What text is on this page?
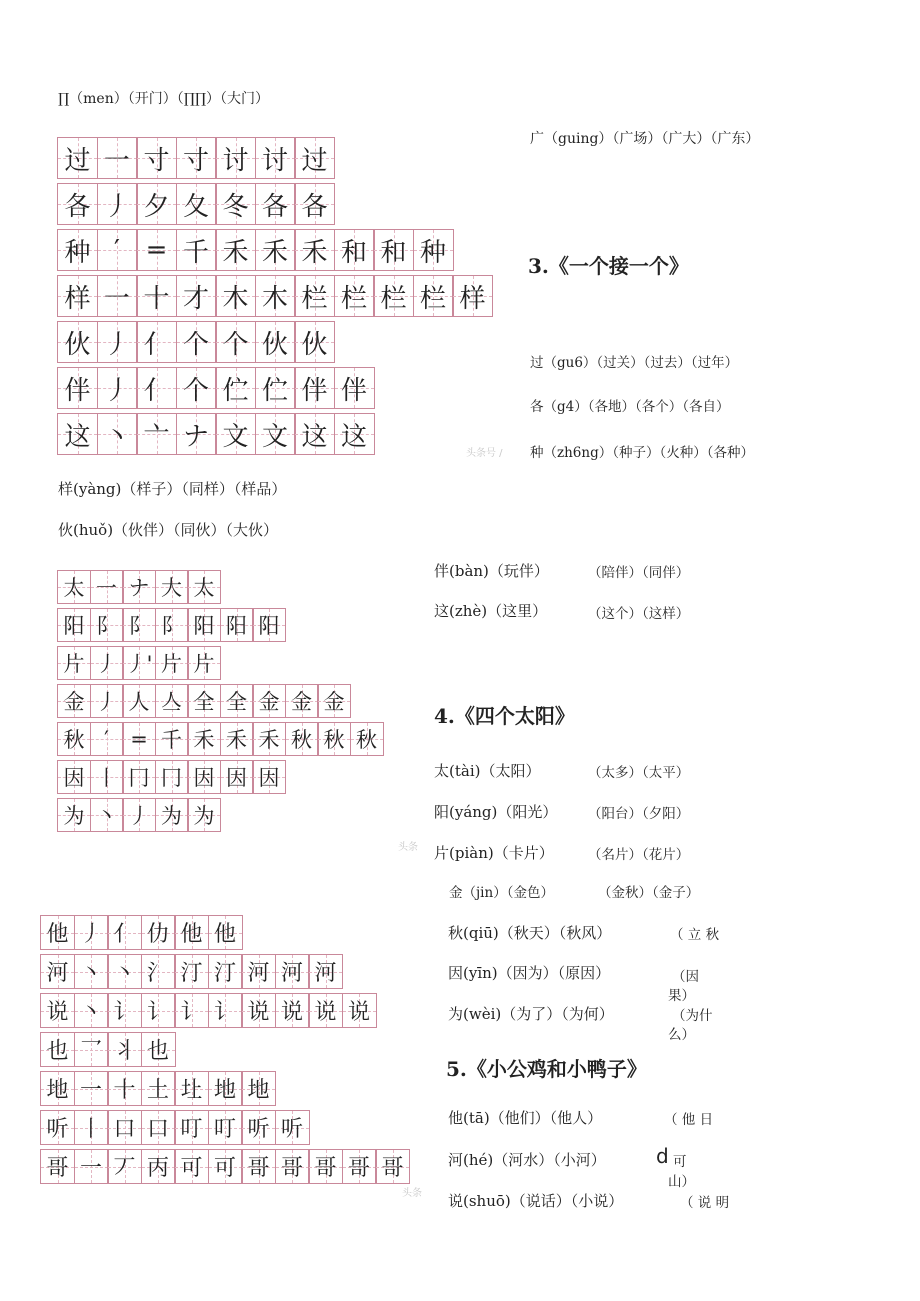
∏（men）（开门）（∏∏）（大门）
广（guing）（广场）（广大）（广东）
过 一 寸 寸 讨 讨 过
各 丿 夕 夂 冬 各 各
种 ′ = 千 禾 禾 禾 和 和 种
样 一 十 才 木 木 栏 栏 栏 栏 样
伙 丿 亻 个 个 伙 伙
伴 丿 亻 个 伫 伫 伴 伴
这 丶 亠 ナ 文 文 这 这
头条号 /
3.《一个接一个》
过（gu6）（过关）（过去）（过年）
各（g4）（各地）（各个）（各自）
种（zh6ng）（种子）（火种）（各种）
样(yàng)（样子）（同样）（样品）
伙(huǒ)（伙伴）（同伙）（大伙）
太 一 ナ 大 太
阳 阝 阝 阝 阳 阳 阳
片 丿 丿' 片 片
金 丿 人 亼 全 全 金 金 金
秋 ′ = 千 禾 禾 禾 秋 秋 秋
因 丨 冂 冂 因 因 因
为 丶 丿 为 为
头条
伴(bàn)（玩伴）	（陪伴）（同伴）
这(zhè)（这里）	（这个）（这样）
4.《四个太阳》
太(tài)（太阳）	（太多）（太平）
阳(yáng)（阳光） （阳台）（夕阳）
片(piàn)（卡片）	（名片）（花片）
金（jin）（金色）	（金秋）（金子）
秋(qiū)（秋天）（秋风）	（ 立 秋
因(yīn)（因为）（原因）	（因
果）
为(wèi)（为了）（为何）	（为什
么）
他 丿 亻 仂 他 他
河 丶 丶 氵 汀 汀 河 河 河
说 丶 讠 讠 讠 讠 说 说 说 说
也 乛 丬 也
地 一 十 土 圵 地 地
听 丨 口 口 叮 叮 听 听
哥 一 丆 丙 可 可 哥 哥 哥 哥 哥
头条
5.《小公鸡和小鸭子》
他(tā)（他们）（他人）	（ 他 日
河(hé)（河水）（小河）	d 可
山）
说(shuō)（说话）（小说）	（ 说 明
